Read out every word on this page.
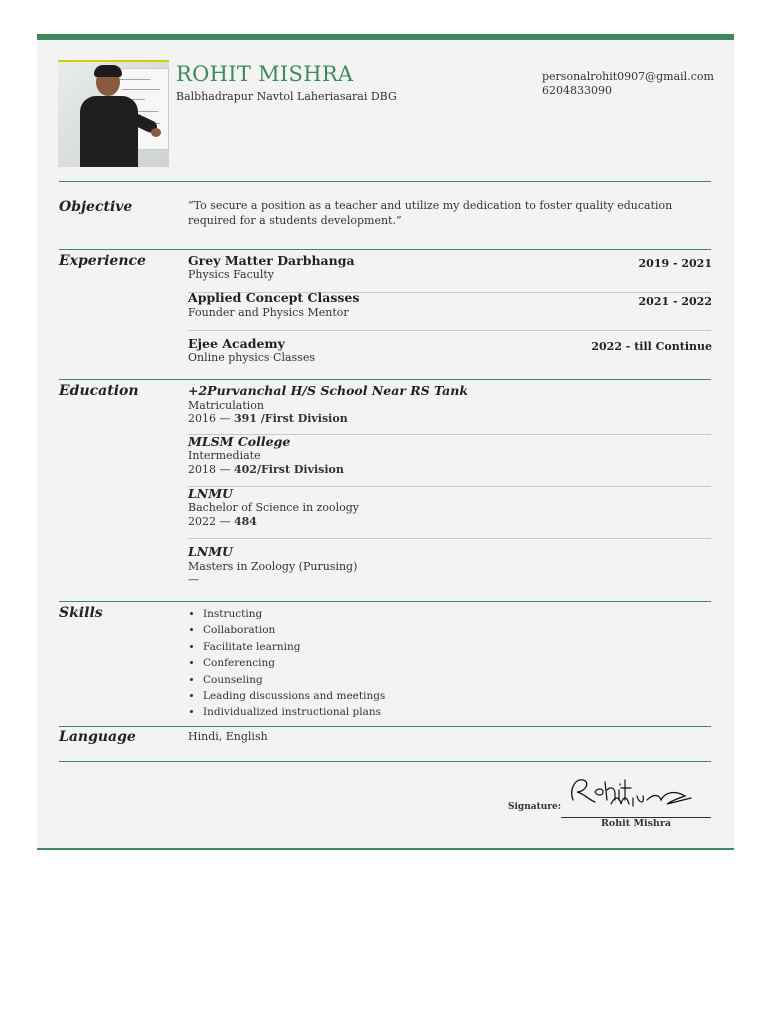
ROHIT MISHRA
Balbhadrapur Navtol Laheriasarai DBG
personalrohit0907@gmail.com
6204833090
Objective	“To secure a position as a teacher and utilize my dedication to foster quality education required for a students development.”
Experience	Grey Matter Darbhanga
Physics Faculty
2019 - 2021
Applied Concept Classes
Founder and Physics Mentor
2021 - 2022
Ejee Academy
Online physics Classes
2022 - till Continue
Education	+2Purvanchal H/S School Near RS Tank
Matriculation
2016 — 391 /First Division
MLSM College
Intermediate
2018 — 402/First Division
LNMU
Bachelor of Science in zoology
2022 — 484
LNMU
Masters in Zoology (Purusing)
—
Skills
•	Instructing
• Collaboration
• Facilitate learning
• Conferencing
• Counseling
• Leading discussions and meetings
• Individualized instructional plans
Language	Hindi, English
Signature:
Rohit Mishra
